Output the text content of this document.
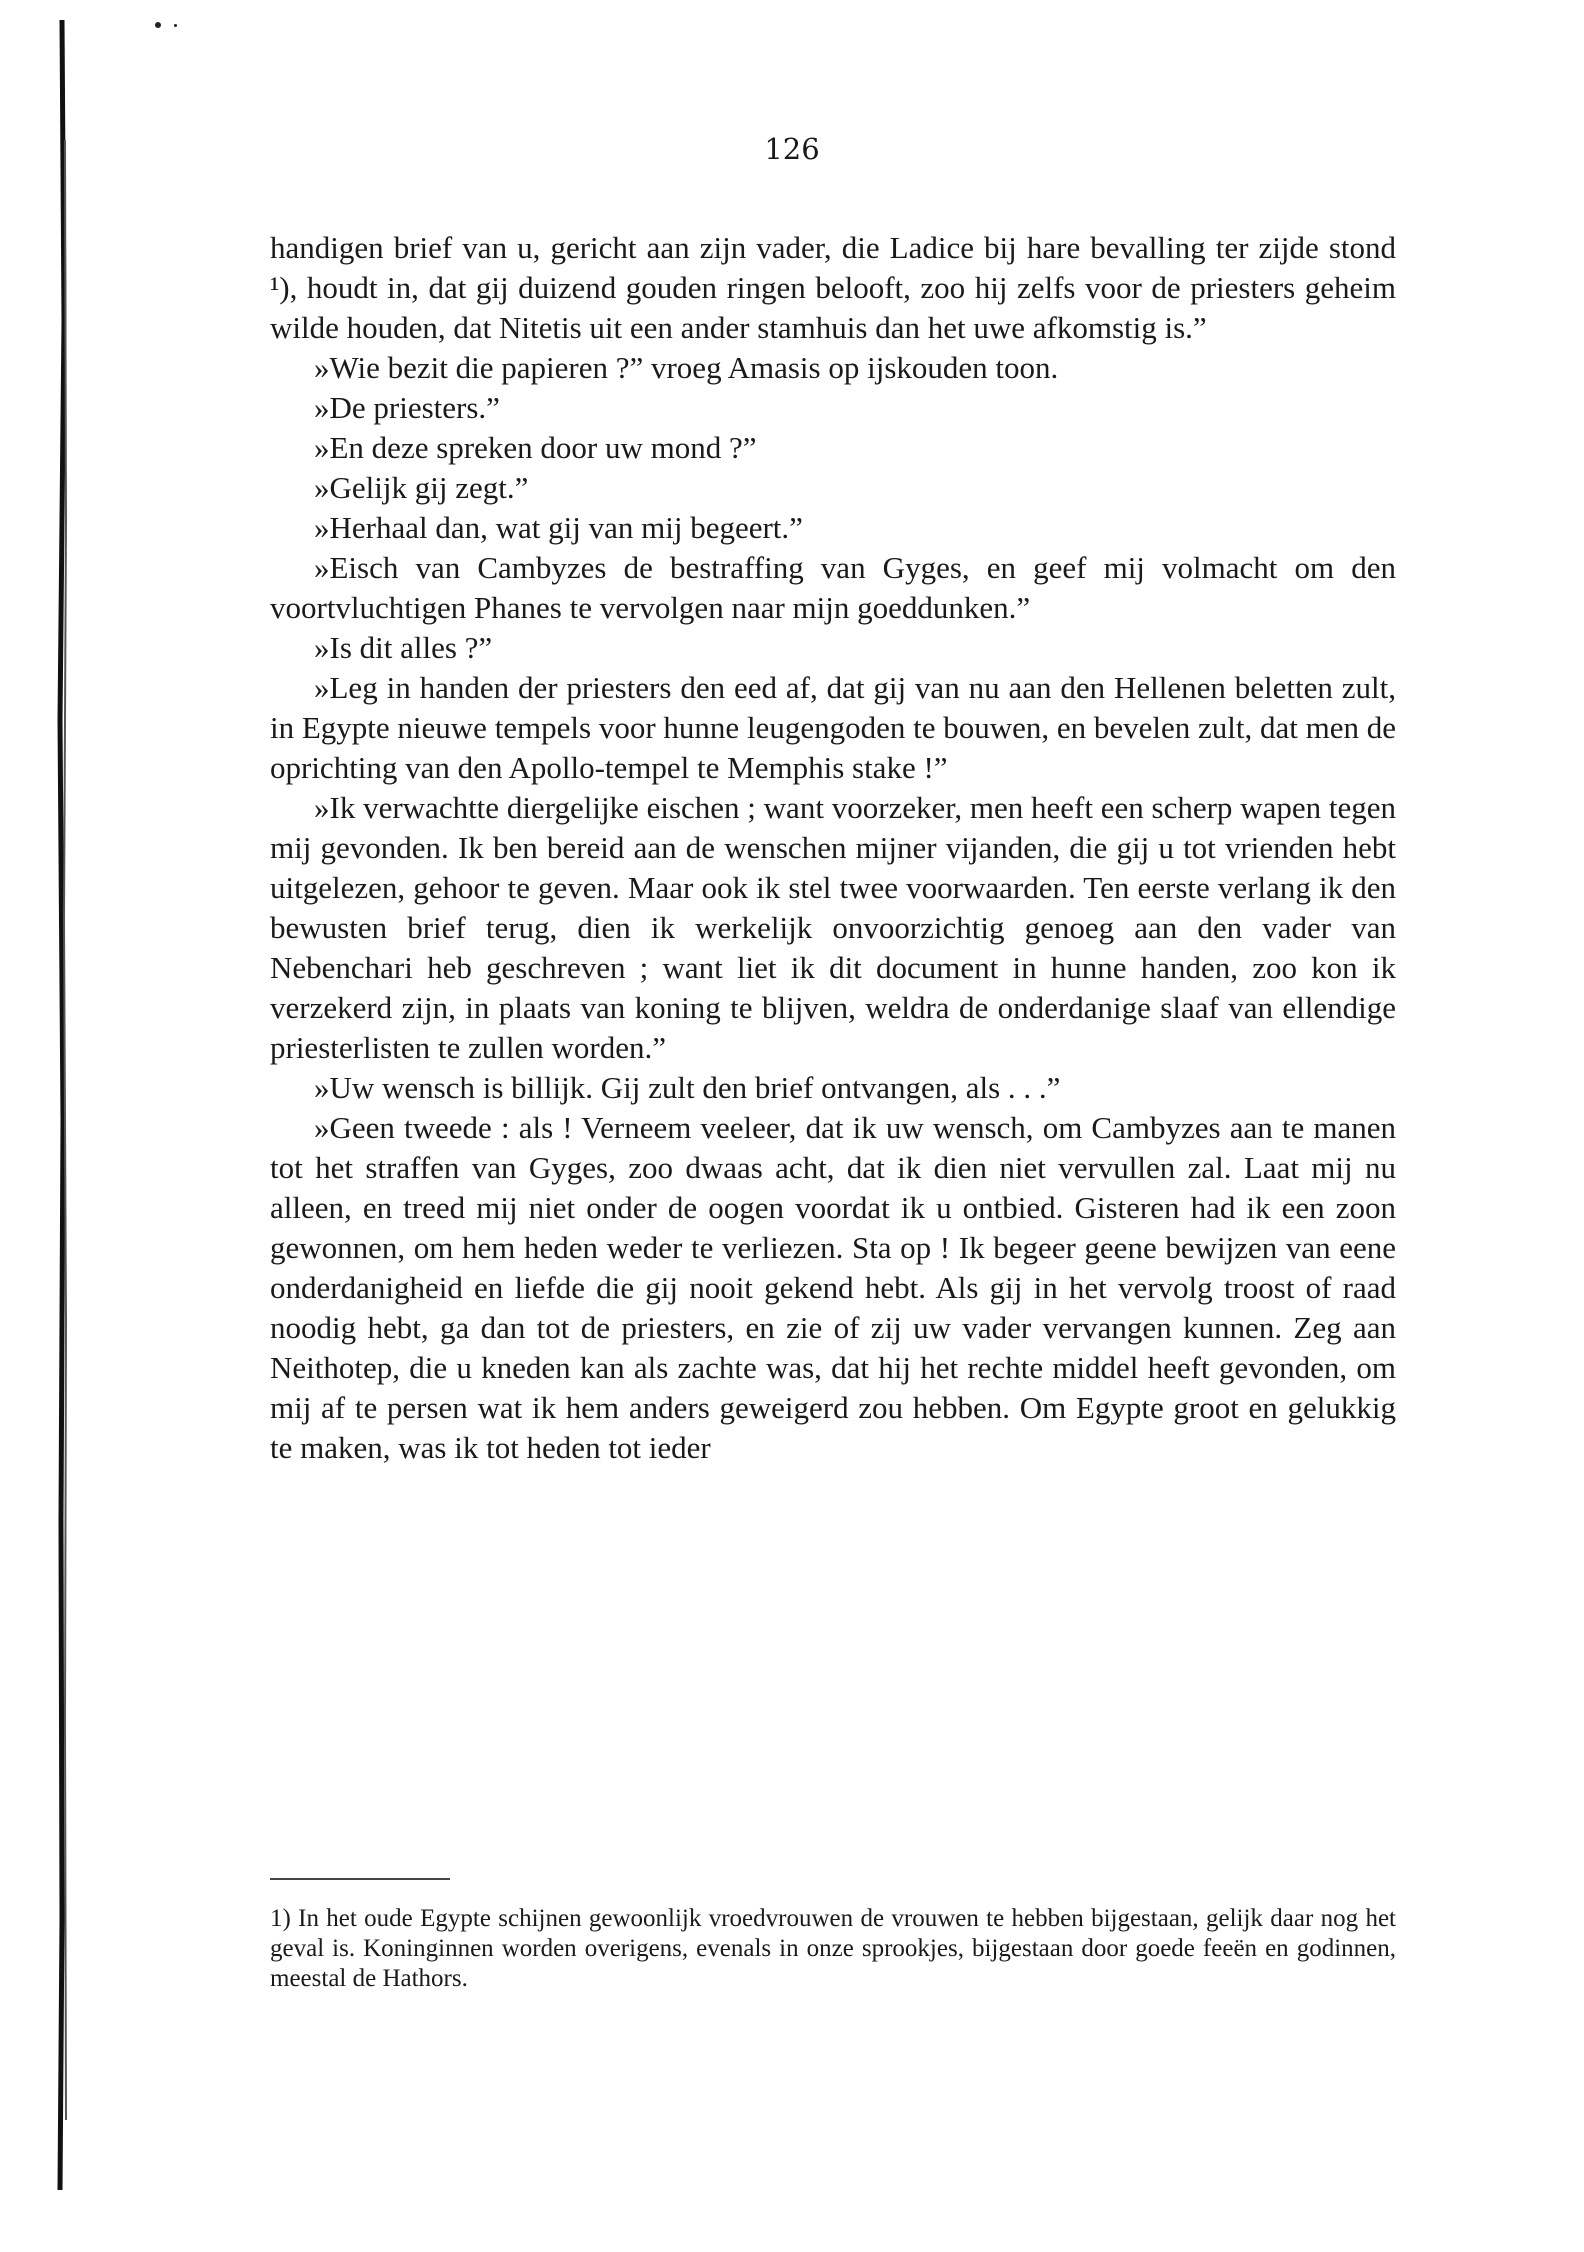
126

handigen brief van u, gericht aan zijn vader, die Ladice bij hare bevalling ter zijde stond ¹), houdt in, dat gij duizend gouden ringen belooft, zoo hij zelfs voor de priesters geheim wilde houden, dat Nitetis uit een ander stamhuis dan het uwe afkomstig is.”

»Wie bezit die papieren ?” vroeg Amasis op ijskouden toon.

»De priesters.”

»En deze spreken door uw mond ?”

»Gelijk gij zegt.”

»Herhaal dan, wat gij van mij begeert.”

»Eisch van Cambyzes de bestraffing van Gyges, en geef mij volmacht om den voortvluchtigen Phanes te vervolgen naar mijn goeddunken.”

»Is dit alles ?”

»Leg in handen der priesters den eed af, dat gij van nu aan den Hellenen beletten zult, in Egypte nieuwe tempels voor hunne leugengoden te bouwen, en bevelen zult, dat men de oprichting van den Apollo-tempel te Memphis stake !”

»Ik verwachtte diergelijke eischen ; want voorzeker, men heeft een scherp wapen tegen mij gevonden. Ik ben bereid aan de wenschen mijner vijanden, die gij u tot vrienden hebt uitgelezen, gehoor te geven. Maar ook ik stel twee voorwaarden. Ten eerste verlang ik den bewusten brief terug, dien ik werkelijk onvoorzichtig genoeg aan den vader van Nebenchari heb geschreven ; want liet ik dit document in hunne handen, zoo kon ik verzekerd zijn, in plaats van koning te blijven, weldra de onderdanige slaaf van ellendige priesterlisten te zullen worden.”

»Uw wensch is billijk. Gij zult den brief ontvangen, als . . .”

»Geen tweede : als ! Verneem veeleer, dat ik uw wensch, om Cambyzes aan te manen tot het straffen van Gyges, zoo dwaas acht, dat ik dien niet vervullen zal. Laat mij nu alleen, en treed mij niet onder de oogen voordat ik u ontbied. Gisteren had ik een zoon gewonnen, om hem heden weder te verliezen. Sta op ! Ik begeer geene bewijzen van eene onderdanigheid en liefde die gij nooit gekend hebt. Als gij in het vervolg troost of raad noodig hebt, ga dan tot de priesters, en zie of zij uw vader vervangen kunnen. Zeg aan Neithotep, die u kneden kan als zachte was, dat hij het rechte middel heeft gevonden, om mij af te persen wat ik hem anders geweigerd zou hebben. Om Egypte groot en gelukkig te maken, was ik tot heden tot ieder

1) In het oude Egypte schijnen gewoonlijk vroedvrouwen de vrouwen te hebben bijgestaan, gelijk daar nog het geval is. Koninginnen worden overigens, evenals in onze sprookjes, bijgestaan door goede feeën en godinnen, meestal de Hathors.
